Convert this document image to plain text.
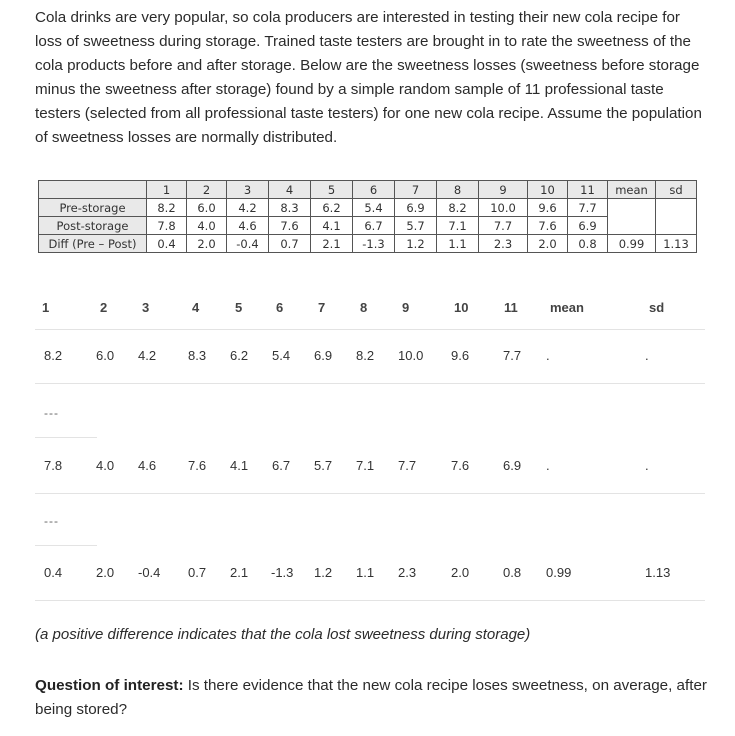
Cola drinks are very popular, so cola producers are interested in testing their new cola recipe for loss of sweetness during storage. Trained taste testers are brought in to rate the sweetness of the cola products before and after storage. Below are the sweetness losses (sweetness before storage minus the sweetness after storage) found by a simple random sample of 11 professional taste testers (selected from all professional taste testers) for one new cola recipe. Assume the population of sweetness losses are normally distributed.

	1	2	3	4	5	6	7	8	9	10	11	mean	sd
Pre-storage	8.2	6.0	4.2	8.3	6.2	5.4	6.9	8.2	10.0	9.6	7.7		
Post-storage	7.8	4.0	4.6	7.6	4.1	6.7	5.7	7.1	7.7	7.6	6.9		
Diff (Pre – Post)	0.4	2.0	-0.4	0.7	2.1	-1.3	1.2	1.1	2.3	2.0	0.8	0.99	1.13
1	2	3	4	5	6	7	8	9	10	11 mean	sd
8.2	6.0 4.2 8.3 6.2 5.4 6.9 8.2 10.0 9.6	7.7 .	.
---
7.8	4.0 4.6 7.6 4.1 6.7 5.7 7.1 7.7	7.6	6.9 .	.
---
0.4	2.0 -0.4 0.7 2.1 -1.3 1.2 1.1 2.3	2.0	0.8 0.99	1.13
(a positive difference indicates that the cola lost sweetness during storage)

Question of interest: Is there evidence that the new cola recipe loses sweetness, on average, after being stored?
